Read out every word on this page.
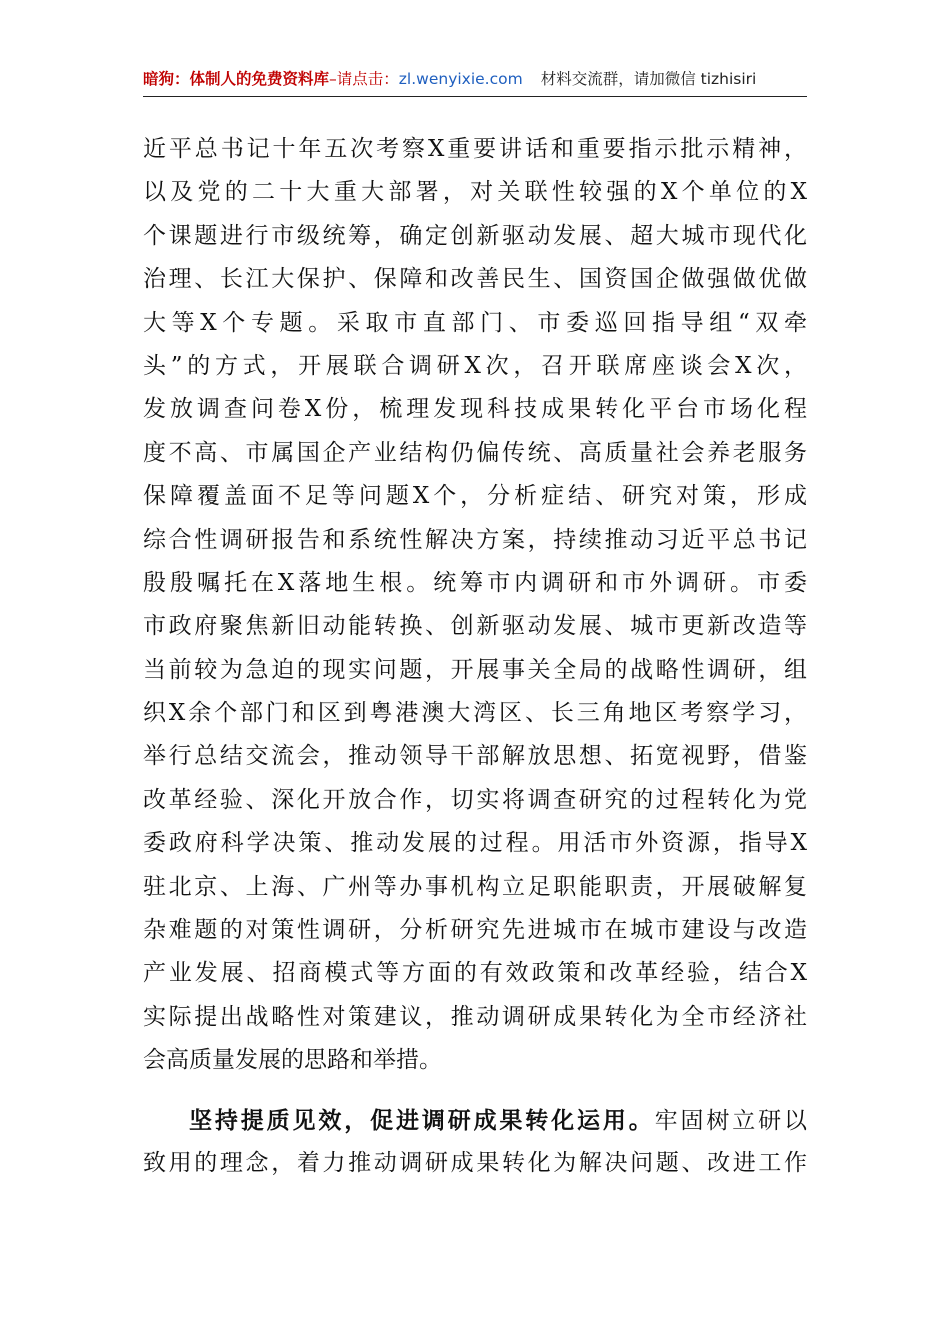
暗狗：体制人的免费资料库–请点击：zl.wenyixie.com 材料交流群，请加微信 tizhisiri
近平总书记十年五次考察X重要讲话和重要指示批示精神，
以及党的二十大重大部署，对关联性较强的X个单位的X
个课题进行市级统筹，确定创新驱动发展、超大城市现代化
治理、长江大保护、保障和改善民生、国资国企做强做优做
大等X个专题。采取市直部门、市委巡回指导组“双牵
头”的方式，开展联合调研X次，召开联席座谈会X次，
发放调查问卷X份，梳理发现科技成果转化平台市场化程
度不高、市属国企产业结构仍偏传统、高质量社会养老服务
保障覆盖面不足等问题X个，分析症结、研究对策，形成
综合性调研报告和系统性解决方案，持续推动习近平总书记
殷殷嘱托在X落地生根。统筹市内调研和市外调研。市委
市政府聚焦新旧动能转换、创新驱动发展、城市更新改造等
当前较为急迫的现实问题，开展事关全局的战略性调研，组
织X余个部门和区到粤港澳大湾区、长三角地区考察学习，
举行总结交流会，推动领导干部解放思想、拓宽视野，借鉴
改革经验、深化开放合作，切实将调查研究的过程转化为党
委政府科学决策、推动发展的过程。用活市外资源，指导X
驻北京、上海、广州等办事机构立足职能职责，开展破解复
杂难题的对策性调研，分析研究先进城市在城市建设与改造
产业发展、招商模式等方面的有效政策和改革经验，结合X
实际提出战略性对策建议，推动调研成果转化为全市经济社
会高质量发展的思路和举措。
坚持提质见效，促进调研成果转化运用。牢固树立研以
致用的理念，着力推动调研成果转化为解决问题、改进工作
